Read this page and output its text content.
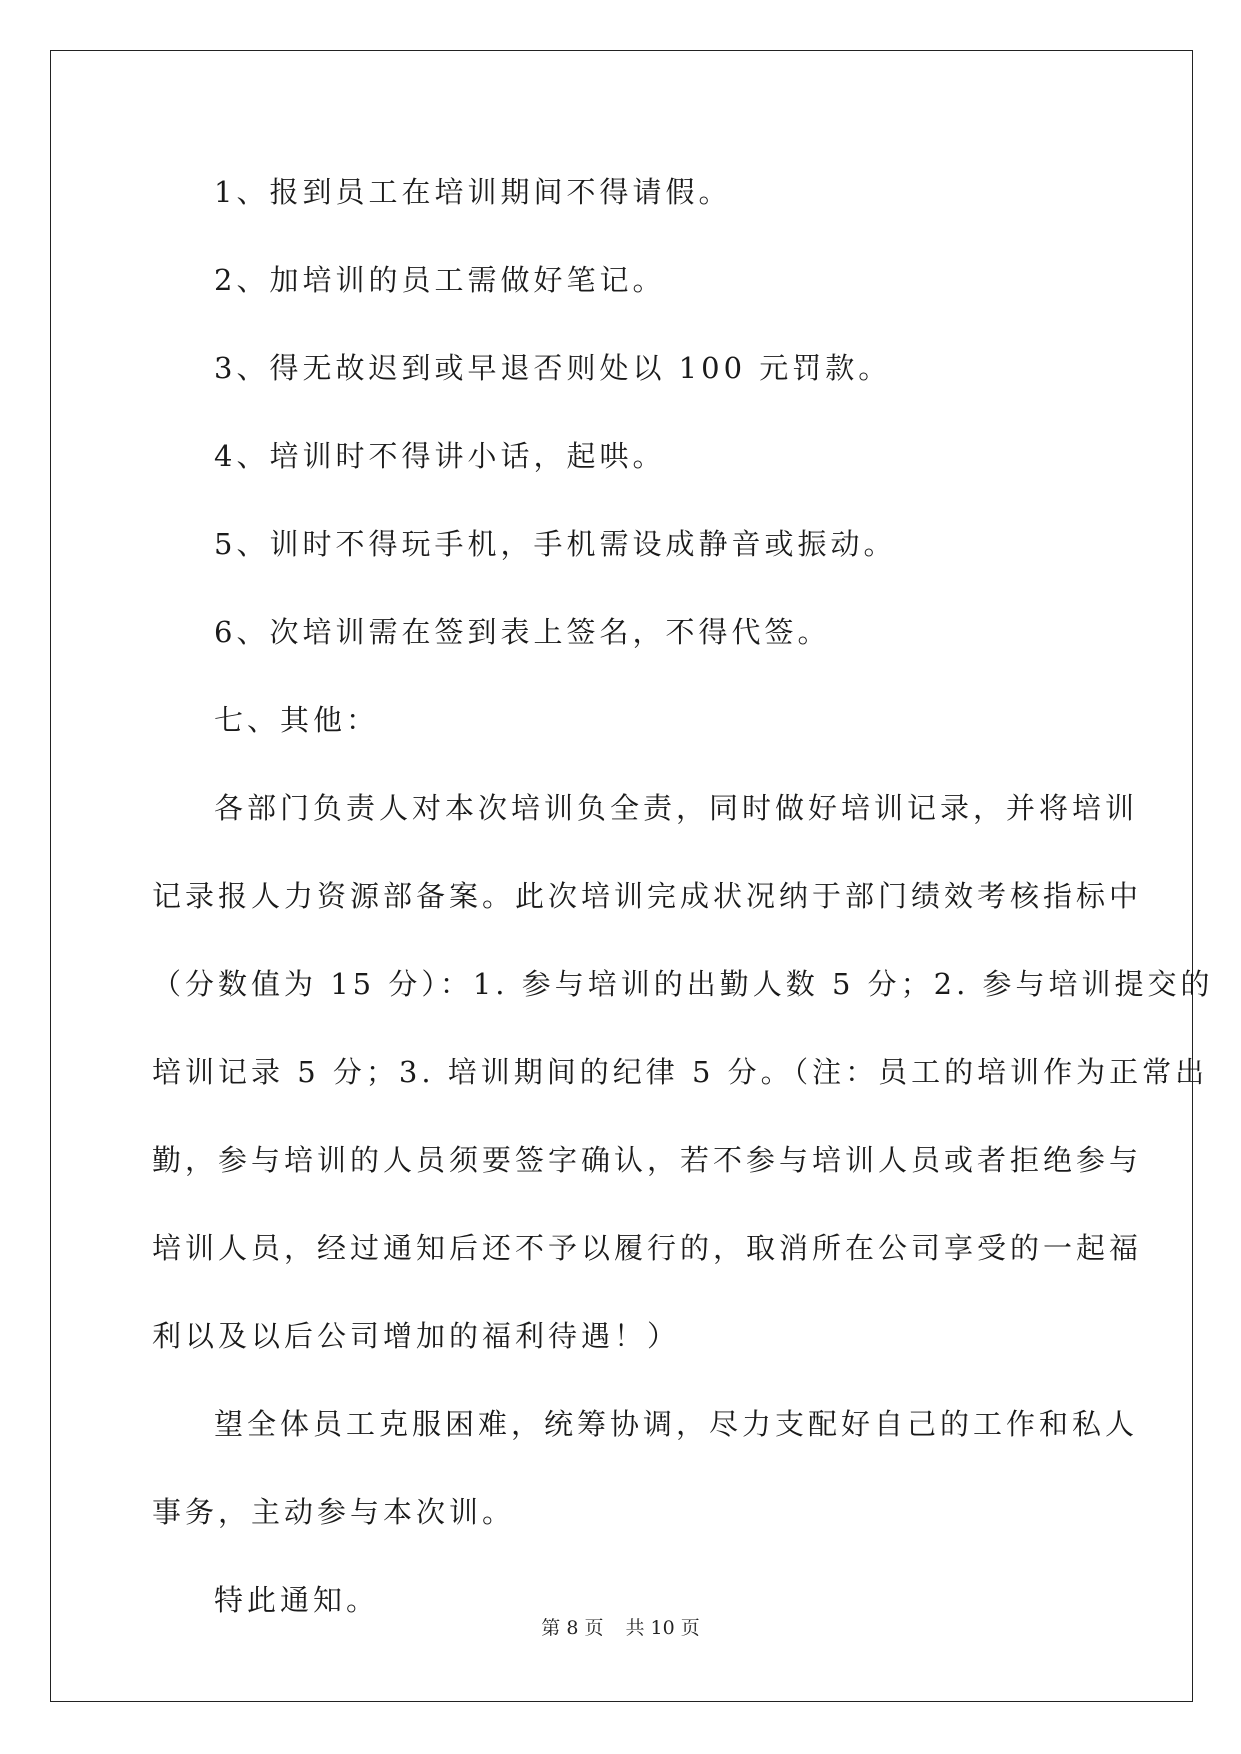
1、报到员工在培训期间不得请假。
2、加培训的员工需做好笔记。
3、得无故迟到或早退否则处以 100 元罚款。
4、培训时不得讲小话，起哄。
5、训时不得玩手机，手机需设成静音或振动。
6、次培训需在签到表上签名，不得代签。
七、其他：
各部门负责人对本次培训负全责，同时做好培训记录，并将培训
记录报人力资源部备案。此次培训完成状况纳于部门绩效考核指标中
（分数值为 15 分）：1. 参与培训的出勤人数 5 分；2. 参与培训提交的
培训记录 5 分；3. 培训期间的纪律 5 分。（注：员工的培训作为正常出
勤，参与培训的人员须要签字确认，若不参与培训人员或者拒绝参与
培训人员，经过通知后还不予以履行的，取消所在公司享受的一起福
利以及以后公司增加的福利待遇！）
望全体员工克服困难，统筹协调，尽力支配好自己的工作和私人
事务，主动参与本次训。
特此通知。
第 8 页 共 10 页
